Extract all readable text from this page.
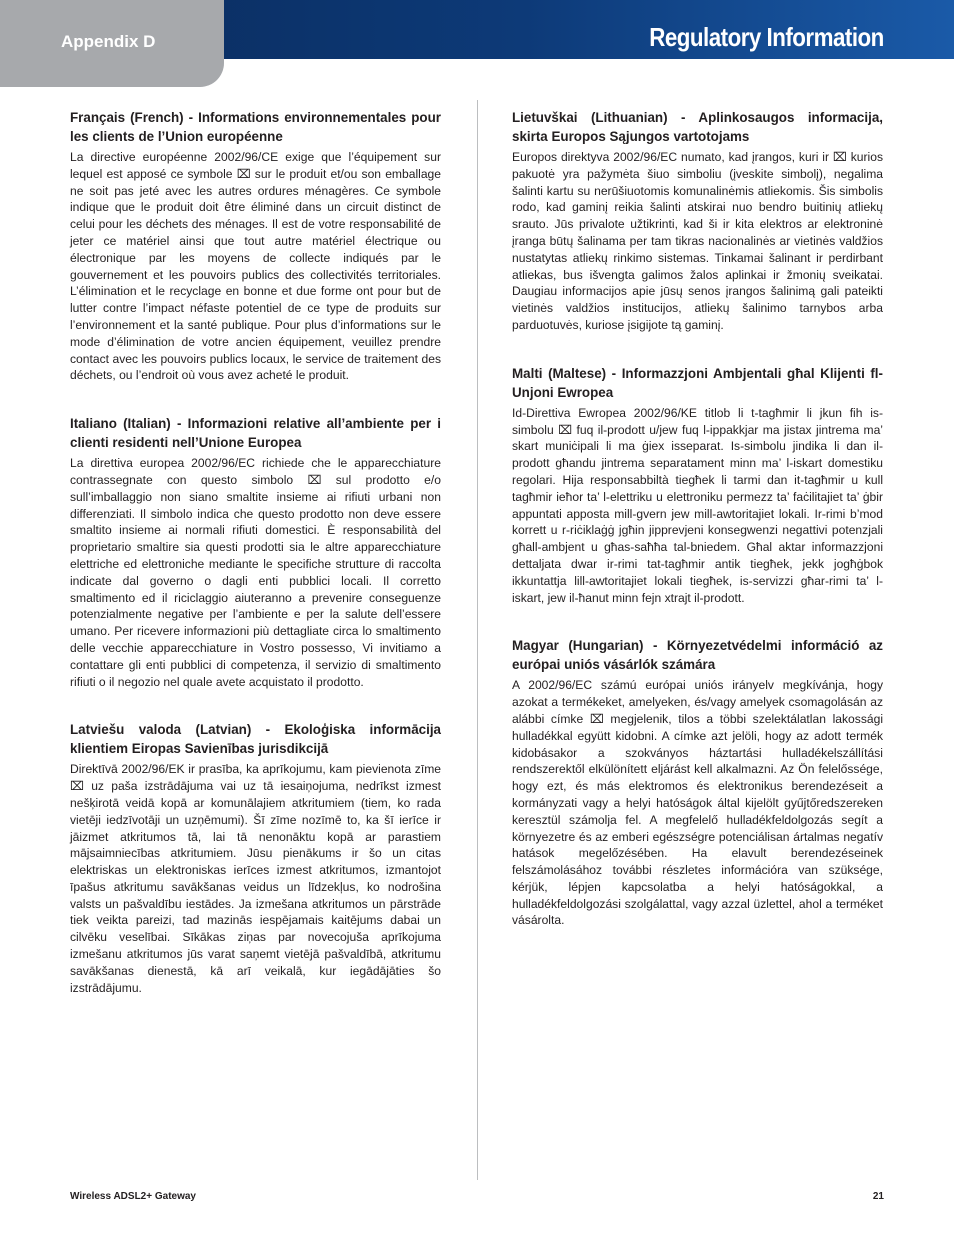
Appendix D	Regulatory Information
Français (French) - Informations environnementales pour les clients de l’Union européenne

La directive européenne 2002/96/CE exige que l’équipement sur lequel est apposé ce symbole ⌧ sur le produit et/ou son emballage ne soit pas jeté avec les autres ordures ménagères. Ce symbole indique que le produit doit être éliminé dans un circuit distinct de celui pour les déchets des ménages. Il est de votre responsabilité de jeter ce matériel ainsi que tout autre matériel électrique ou électronique par les moyens de collecte indiqués par le gouvernement et les pouvoirs publics des collectivités territoriales. L’élimination et le recyclage en bonne et due forme ont pour but de lutter contre l’impact néfaste potentiel de ce type de produits sur l’environnement et la santé publique. Pour plus d’informations sur le mode d’élimination de votre ancien équipement, veuillez prendre contact avec les pouvoirs publics locaux, le service de traitement des déchets, ou l’endroit où vous avez acheté le produit.

Italiano (Italian) - Informazioni relative all’ambiente per i clienti residenti nell’Unione Europea

La direttiva europea 2002/96/EC richiede che le apparecchiature contrassegnate con questo simbolo ⌧ sul prodotto e/o sull’imballaggio non siano smaltite insieme ai rifiuti urbani non differenziati. Il simbolo indica che questo prodotto non deve essere smaltito insieme ai normali rifiuti domestici. È responsabilità del proprietario smaltire sia questi prodotti sia le altre apparecchiature elettriche ed elettroniche mediante le specifiche strutture di raccolta indicate dal governo o dagli enti pubblici locali. Il corretto smaltimento ed il riciclaggio aiuteranno a prevenire conseguenze potenzialmente negative per l’ambiente e per la salute dell’essere umano. Per ricevere informazioni più dettagliate circa lo smaltimento delle vecchie apparecchiature in Vostro possesso, Vi invitiamo a contattare gli enti pubblici di competenza, il servizio di smaltimento rifiuti o il negozio nel quale avete acquistato il prodotto.

Latviešu valoda (Latvian) - Ekoloģiska informācija klientiem Eiropas Savienības jurisdikcijā

Direktīvā 2002/96/EK ir prasība, ka aprīkojumu, kam pievienota zīme ⌧ uz paša izstrādājuma vai uz tā iesaiņojuma, nedrīkst izmest nešķirotā veidā kopā ar komunālajiem atkritumiem (tiem, ko rada vietēji iedzīvotāji un uzņēmumi). Šī zīme nozīmē to, ka šī ierīce ir jāizmet atkritumos tā, lai tā nenonāktu kopā ar parastiem mājsaimniecības atkritumiem. Jūsu pienākums ir šo un citas elektriskas un elektroniskas ierīces izmest atkritumos, izmantojot īpašus atkritumu savākšanas veidus un līdzekļus, ko nodrošina valsts un pašvaldību iestādes. Ja izmešana atkritumos un pārstrāde tiek veikta pareizi, tad mazinās iespējamais kaitējums dabai un cilvēku veselībai. Sīkākas ziņas par novecojuša aprīkojuma izmešanu atkritumos jūs varat saņemt vietējā pašvaldībā, atkritumu savākšanas dienestā, kā arī veikalā, kur iegādājāties šo izstrādājumu.

Lietuvškai (Lithuanian) - Aplinkosaugos informacija, skirta Europos Sąjungos vartotojams

Europos direktyva 2002/96/EC numato, kad įrangos, kuri ir ⌧ kurios pakuotė yra pažymėta šiuo simboliu (įveskite simbolį), negalima šalinti kartu su nerūšiuotomis komunalinėmis atliekomis. Šis simbolis rodo, kad gaminį reikia šalinti atskirai nuo bendro buitinių atliekų srauto. Jūs privalote užtikrinti, kad ši ir kita elektros ar elektroninė įranga būtų šalinama per tam tikras nacionalinės ar vietinės valdžios nustatytas atliekų rinkimo sistemas. Tinkamai šalinant ir perdirbant atliekas, bus išvengta galimos žalos aplinkai ir žmonių sveikatai. Daugiau informacijos apie jūsų senos įrangos šalinimą gali pateikti vietinės valdžios institucijos, atliekų šalinimo tarnybos arba parduotuvės, kuriose įsigijote tą gaminį.

Malti (Maltese) - Informazzjoni Ambjentali għal Klijenti fl-Unjoni Ewropea

Id-Direttiva Ewropea 2002/96/KE titlob li t-tagħmir li jkun fih is-simbolu ⌧ fuq il-prodott u/jew fuq l-ippakkjar ma jistax jintrema ma’ skart muniċipali li ma ġiex isseparat. Is-simbolu jindika li dan il-prodott għandu jintrema separatament minn ma’ l-iskart domestiku regolari. Hija responsabbiltà tiegħek li tarmi dan it-tagħmir u kull tagħmir ieħor ta’ l-elettriku u elettroniku permezz ta’ faċilitajiet ta’ ġbir appuntati apposta mill-gvern jew mill-awtoritajiet lokali. Ir-rimi b’mod korrett u r-riċiklaġġ jgħin jipprevjeni konsegwenzi negattivi potenzjali għall-ambjent u għas-saħħa tal-bniedem. Għal aktar informazzjoni dettaljata dwar ir-rimi tat-tagħmir antik tiegħek, jekk jogħġbok ikkuntattja lill-awtoritajiet lokali tiegħek, is-servizzi għar-rimi ta’ l-iskart, jew il-ħanut minn fejn xtrajt il-prodott.

Magyar (Hungarian) - Környezetvédelmi információ az európai uniós vásárlók számára

A 2002/96/EC számú európai uniós irányelv megkívánja, hogy azokat a termékeket, amelyeken, és/vagy amelyek csomagolásán az alábbi címke ⌧ megjelenik, tilos a többi szelektálatlan lakossági hulladékkal együtt kidobni. A címke azt jelöli, hogy az adott termék kidobásakor a szokványos háztartási hulladékelszállítási rendszerektől elkülönített eljárást kell alkalmazni. Az Ön felelőssége, hogy ezt, és más elektromos és elektronikus berendezéseit a kormányzati vagy a helyi hatóságok által kijelölt gyűjtőredszereken keresztül számolja fel. A megfelelő hulladékfeldolgozás segít a környezetre és az emberi egészségre potenciálisan ártalmas negatív hatások megelőzésében. Ha elavult berendezéseinek felszámolásához további részletes információra van szüksége, kérjük, lépjen kapcsolatba a helyi hatóságokkal, a hulladékfeldolgozási szolgálattal, vagy azzal üzlettel, ahol a terméket vásárolta.

Wireless ADSL2+ Gateway	21
